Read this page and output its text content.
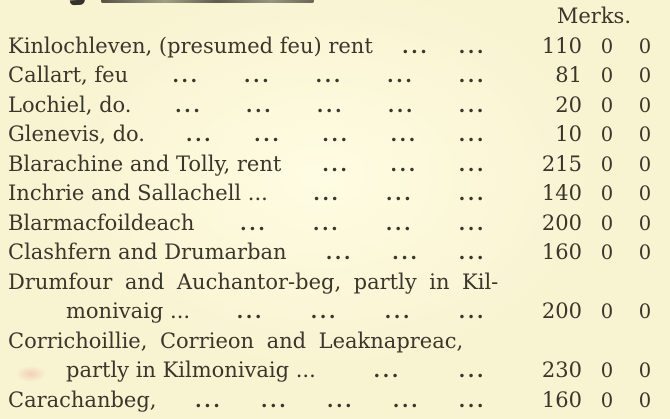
Merks.
Kinlochleven, (presumed feu) rent ... ...	110 0	0
Callart, feu ... ... ... ... ...	81 0	0
Lochiel, do. ... ... ... ... ...	20 0	0
Glenevis, do. ... ... ... ... ...	10 0	0
Blarachine and Tolly, rent ... ... ...	215 0	0
Inchrie and Sallachell ... ... ... ...	140 0	0
Blarmacfoildeach ... ... ... ...	200 0	0
Clashfern and Drumarban ... ... ...	160 0	0
Drumfour and Auchantor-beg, partly in Kil-
monivaig ... ... ... ... ...	200 0	0
Corrichoillie, Corrieon and Leaknapreac,
partly in Kilmonivaig ...	...	...	230 0	0
Carachanbeg, ... ... ... ... ...	160 0	0
